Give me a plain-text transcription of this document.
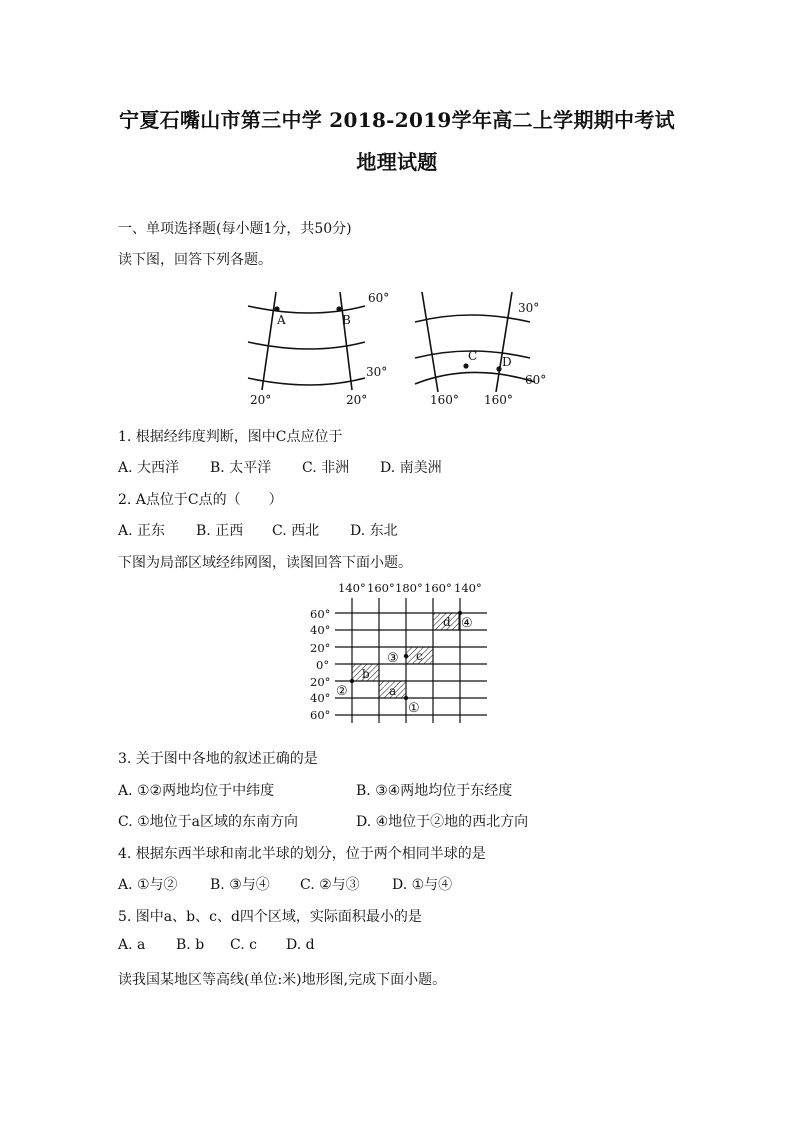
宁夏石嘴山市第三中学 2018-2019学年高二上学期期中考试
地理试题
一、单项选择题(每小题1分，共50分)
读下图，回答下列各题。
60°
30°
20°	20°
A	B
30°
60°
160° 160°
C D
1. 根据经纬度判断，图中C点应位于
A. 大西洋 B. 太平洋 C. 非洲 D. 南美洲
2. A点位于C点的（　　）
A. 正东 B. 正西 C. 西北 D. 东北
下图为局部区域经纬网图，读图回答下面小题。
140° 160° 180° 160° 140°
60°
40°
20°
0°
20°
40°
60°
d
c
b
a
④
③
②
①
3. 关于图中各地的叙述正确的是
A. ①②两地均位于中纬度	B. ③④两地均位于东经度
C. ①地位于a区域的东南方向	D. ④地位于②地的西北方向
4. 根据东西半球和南北半球的划分，位于两个相同半球的是
A. ①与② B. ③与④ C. ②与③ D. ①与④
5. 图中a、b、c、d四个区域，实际面积最小的是
A. a B. b C. c D. d
读我国某地区等高线(单位:米)地形图,完成下面小题。
